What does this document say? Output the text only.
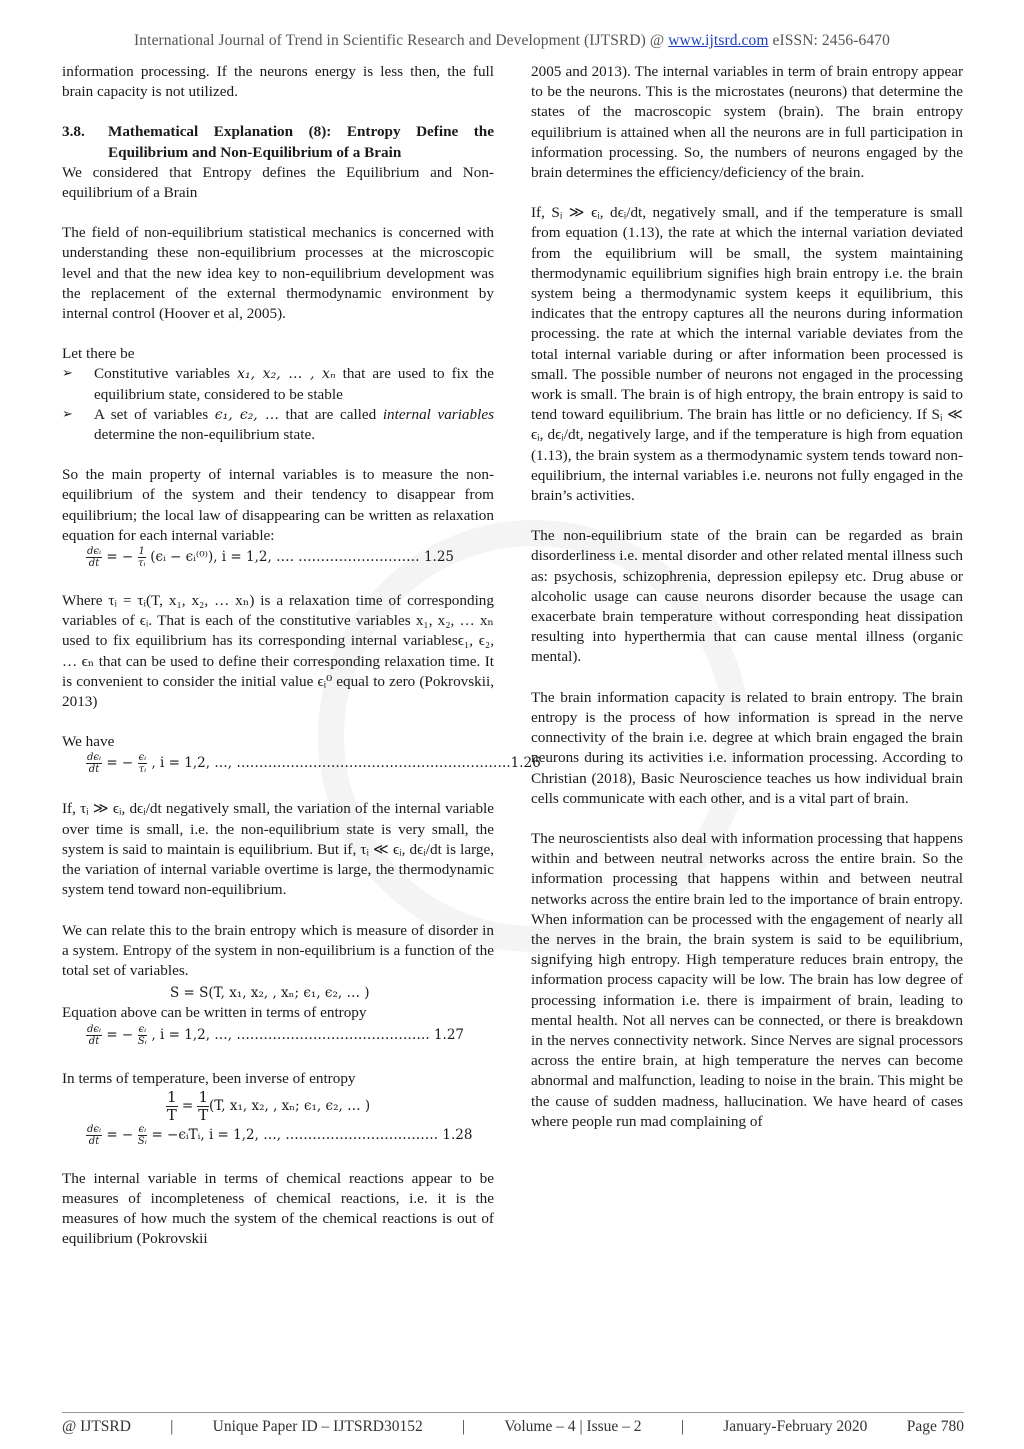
International Journal of Trend in Scientific Research and Development (IJTSRD) @ www.ijtsrd.com eISSN: 2456-6470

information processing. If the neurons energy is less then, the full brain capacity is not utilized.

3.8.	Mathematical Explanation (8): Entropy Define the Equilibrium and Non-Equilibrium of a Brain

We considered that Entropy defines the Equilibrium and Non-equilibrium of a Brain

The field of non-equilibrium statistical mechanics is concerned with understanding these non-equilibrium processes at the microscopic level and that the new idea key to non-equilibrium development was the replacement of the external thermodynamic environment by internal control (Hoover et al, 2005).

Let there be
➢	Constitutive variables x₁, x₂, … , xₙ that are used to fix the equilibrium state, considered to be stable
➢	A set of variables ϵ₁, ϵ₂, … that are called internal variables determine the non-equilibrium state.

So the main property of internal variables is to measure the non-equilibrium of the system and their tendency to disappear from equilibrium; the local law of disappearing can be written as relaxation equation for each internal variable:

$\frac{\text{dϵᵢ}}{dt}$ = − $\frac{1}{\text{τᵢ}}$ (ϵᵢ − ϵᵢ⁽⁰⁾), i = 1,2, …. ……………………… 1.25

Where τᵢ = τᵢ(T, x₁, x₂, … xₙ) is a relaxation time of corresponding variables of ϵᵢ. That is each of the constitutive variables x₁, x₂, … xₙ used to fix equilibrium has its corresponding internal variablesϵ₁, ϵ₂, … ϵₙ that can be used to define their corresponding relaxation time. It is convenient to consider the initial value ϵᵢ⁰ equal to zero (Pokrovskii, 2013)

We have
$\frac{\text{dϵᵢ}}{dt}$ = − $\frac{\text{ϵᵢ}}{\text{τᵢ}}$ , i = 1,2, …, …………………………………………………….1.26

If, τᵢ ≫ ϵᵢ, dϵᵢ/dt negatively small, the variation of the internal variable over time is small, i.e. the non-equilibrium state is very small, the system is said to maintain is equilibrium. But if, τᵢ ≪ ϵᵢ, dϵᵢ/dt is large, the variation of internal variable overtime is large, the thermodynamic system tend toward non-equilibrium.

We can relate this to the brain entropy which is measure of disorder in a system. Entropy of the system in non-equilibrium is a function of the total set of variables.

S = S(T, x₁, x₂, , xₙ; ϵ₁, ϵ₂, … )
Equation above can be written in terms of entropy
$\frac{\text{dϵᵢ}}{dt}$ = − $\frac{\text{ϵᵢ}}{\text{Sᵢ}}$ , i = 1,2, …, ……………………………………. 1.27
In terms of temperature, been inverse of entropy
$\frac{1}{T} = \frac{1}{T} (T$, x₁, x₂, , xₙ; ϵ₁, ϵ₂, … )
$\frac{\text{dϵᵢ}}{dt}$ = − $\frac{\text{ϵᵢ}}{\text{Sᵢ}}$ = −ϵᵢTᵢ, i = 1,2, …, ……………………………. 1.28

The internal variable in terms of chemical reactions appear to be measures of incompleteness of chemical reactions, i.e. it is the measures of how much the system of the chemical reactions is out of equilibrium (Pokrovskii

2005 and 2013). The internal variables in term of brain entropy appear to be the neurons. This is the microstates (neurons) that determine the states of the macroscopic system (brain). The brain entropy equilibrium is attained when all the neurons are in full participation in information processing. So, the numbers of neurons engaged by the brain determines the efficiency/deficiency of the brain.

If, Sᵢ ≫ ϵᵢ, dϵᵢ/dt, negatively small, and if the temperature is small from equation (1.13), the rate at which the internal variation deviated from the equilibrium will be small, the system maintaining thermodynamic equilibrium signifies high brain entropy i.e. the brain system being a thermodynamic system keeps it equilibrium, this indicates that the entropy captures all the neurons during information processing. the rate at which the internal variable deviates from the total internal variable during or after information been processed is small. The possible number of neurons not engaged in the processing work is small. The brain is of high entropy, the brain entropy is said to tend toward equilibrium. The brain has little or no deficiency. If Sᵢ ≪ ϵᵢ, dϵᵢ/dt, negatively large, and if the temperature is high from equation (1.13), the brain system as a thermodynamic system tends toward non-equilibrium, the internal variables i.e. neurons not fully engaged in the brain’s activities.

The non-equilibrium state of the brain can be regarded as brain disorderliness i.e. mental disorder and other related mental illness such as: psychosis, schizophrenia, depression epilepsy etc. Drug abuse or alcoholic usage can cause neurons disorder because the usage can exacerbate brain temperature without corresponding heat dissipation resulting into hyperthermia that can cause mental illness (organic mental).

The brain information capacity is related to brain entropy. The brain entropy is the process of how information is spread in the nerve connectivity of the brain i.e. degree at which brain engaged the brain neurons during its activities i.e. information processing. According to Christian (2018), Basic Neuroscience teaches us how individual brain cells communicate with each other, and is a vital part of brain.

The neuroscientists also deal with information processing that happens within and between neutral networks across the entire brain. So the information processing that happens within and between neutral networks across the entire brain led to the importance of brain entropy. When information can be processed with the engagement of nearly all the nerves in the brain, the brain system is said to be equilibrium, signifying high entropy. High temperature reduces brain entropy, the information process capacity will be low. The brain has low degree of processing information i.e. there is impairment of brain, leading to mental health. Not all nerves can be connected, or there is breakdown in the nerves connectivity network. Since Nerves are signal processors across the entire brain, at high temperature the nerves can become abnormal and malfunction, leading to noise in the brain. This might be the cause of sudden madness, hallucination. We have heard of cases where people run mad complaining of

@ IJTSRD	|	Unique Paper ID – IJTSRD30152	|	Volume – 4 | Issue – 2	|	January-February 2020	Page 780
